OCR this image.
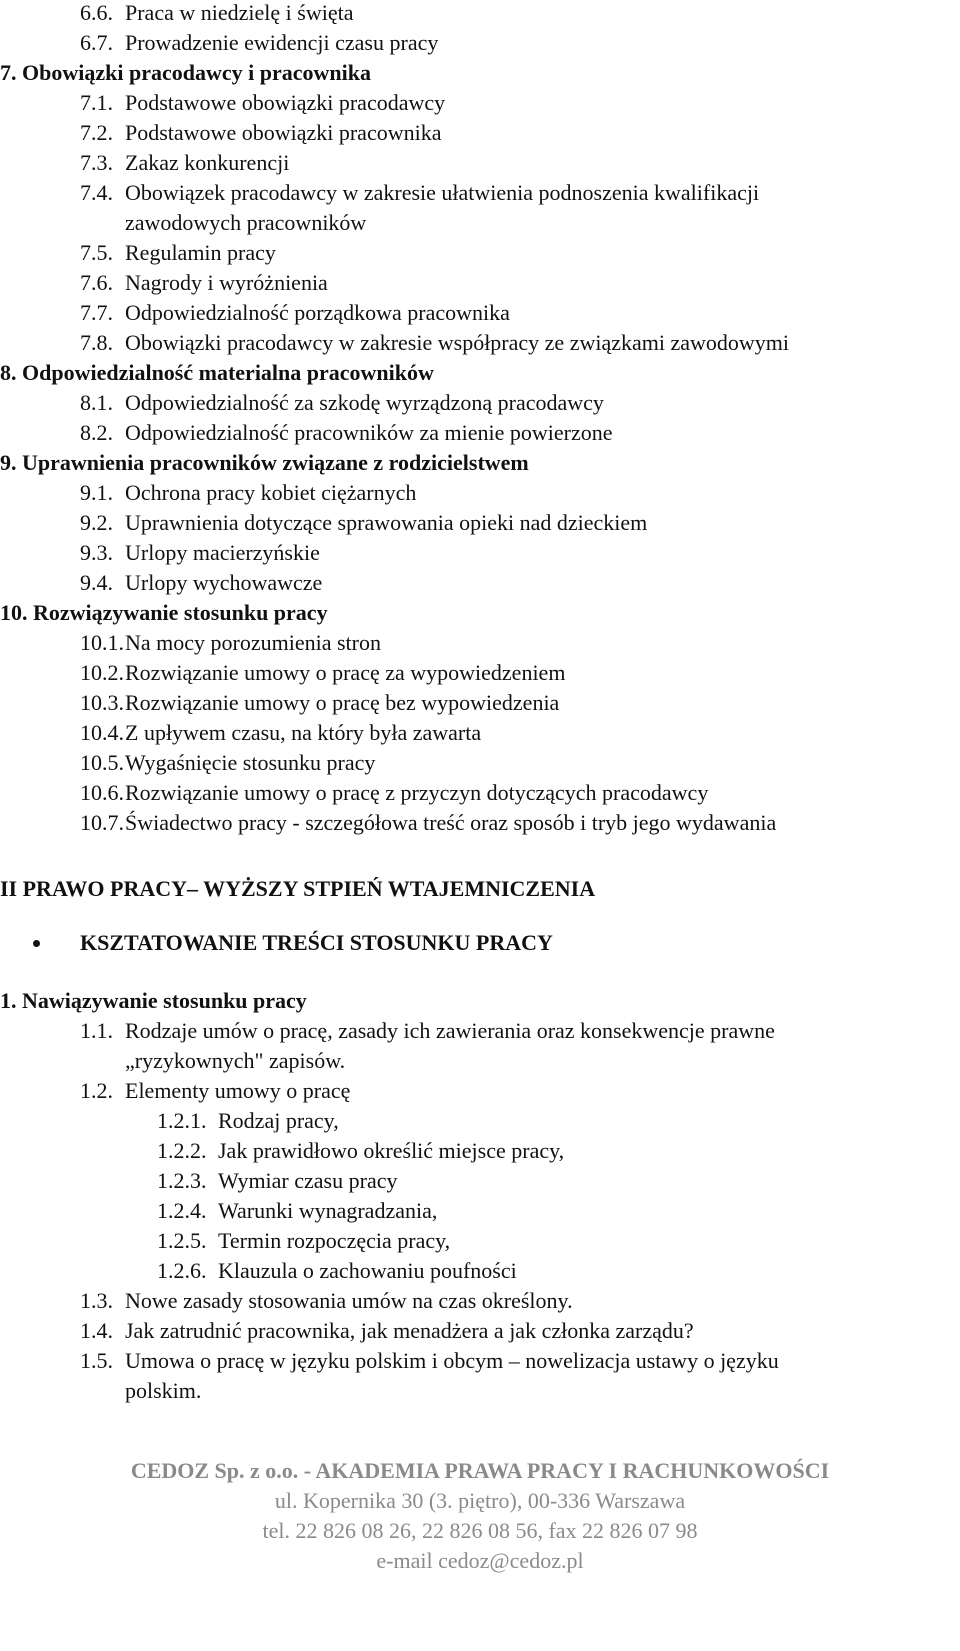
6.6. Praca w niedzielę i święta
6.7. Prowadzenie ewidencji czasu pracy
7. Obowiązki pracodawcy i pracownika
7.1. Podstawowe obowiązki pracodawcy
7.2. Podstawowe obowiązki pracownika
7.3. Zakaz konkurencji
7.4. Obowiązek pracodawcy w zakresie ułatwienia podnoszenia kwalifikacji
zawodowych pracowników
7.5. Regulamin pracy
7.6. Nagrody i wyróżnienia
7.7. Odpowiedzialność porządkowa pracownika
7.8. Obowiązki pracodawcy w zakresie współpracy ze związkami zawodowymi
8. Odpowiedzialność materialna pracowników
8.1. Odpowiedzialność za szkodę wyrządzoną pracodawcy
8.2. Odpowiedzialność pracowników za mienie powierzone
9. Uprawnienia pracowników związane z rodzicielstwem
9.1. Ochrona pracy kobiet ciężarnych
9.2. Uprawnienia dotyczące sprawowania opieki nad dzieckiem
9.3. Urlopy macierzyńskie
9.4. Urlopy wychowawcze
10. Rozwiązywanie stosunku pracy
10.1.Na mocy porozumienia stron
10.2.Rozwiązanie umowy o pracę za wypowiedzeniem
10.3.Rozwiązanie umowy o pracę bez wypowiedzenia
10.4.Z upływem czasu, na który była zawarta
10.5.Wygaśnięcie stosunku pracy
10.6.Rozwiązanie umowy o pracę z przyczyn dotyczących pracodawcy
10.7.Świadectwo pracy - szczegółowa treść oraz sposób i tryb jego wydawania
II PRAWO PRACY– WYŻSZY STPIEŃ WTAJEMNICZENIA
KSZTATOWANIE TREŚCI STOSUNKU PRACY
1. Nawiązywanie stosunku pracy
1.1. Rodzaje umów o pracę, zasady ich zawierania oraz konsekwencje prawne
„ryzykownych" zapisów.
1.2. Elementy umowy o pracę
1.2.1. Rodzaj pracy,
1.2.2. Jak prawidłowo określić miejsce pracy,
1.2.3. Wymiar czasu pracy
1.2.4. Warunki wynagradzania,
1.2.5. Termin rozpoczęcia pracy,
1.2.6. Klauzula o zachowaniu poufności
1.3. Nowe zasady stosowania umów na czas określony.
1.4. Jak zatrudnić pracownika, jak menadżera a jak członka zarządu?
1.5. Umowa o pracę w języku polskim i obcym – nowelizacja ustawy o języku
polskim.
CEDOZ Sp. z o.o. - AKADEMIA PRAWA PRACY I RACHUNKOWOŚCI
ul. Kopernika 30 (3. piętro), 00-336 Warszawa
tel. 22 826 08 26, 22 826 08 56, fax 22 826 07 98
e-mail cedoz@cedoz.pl
